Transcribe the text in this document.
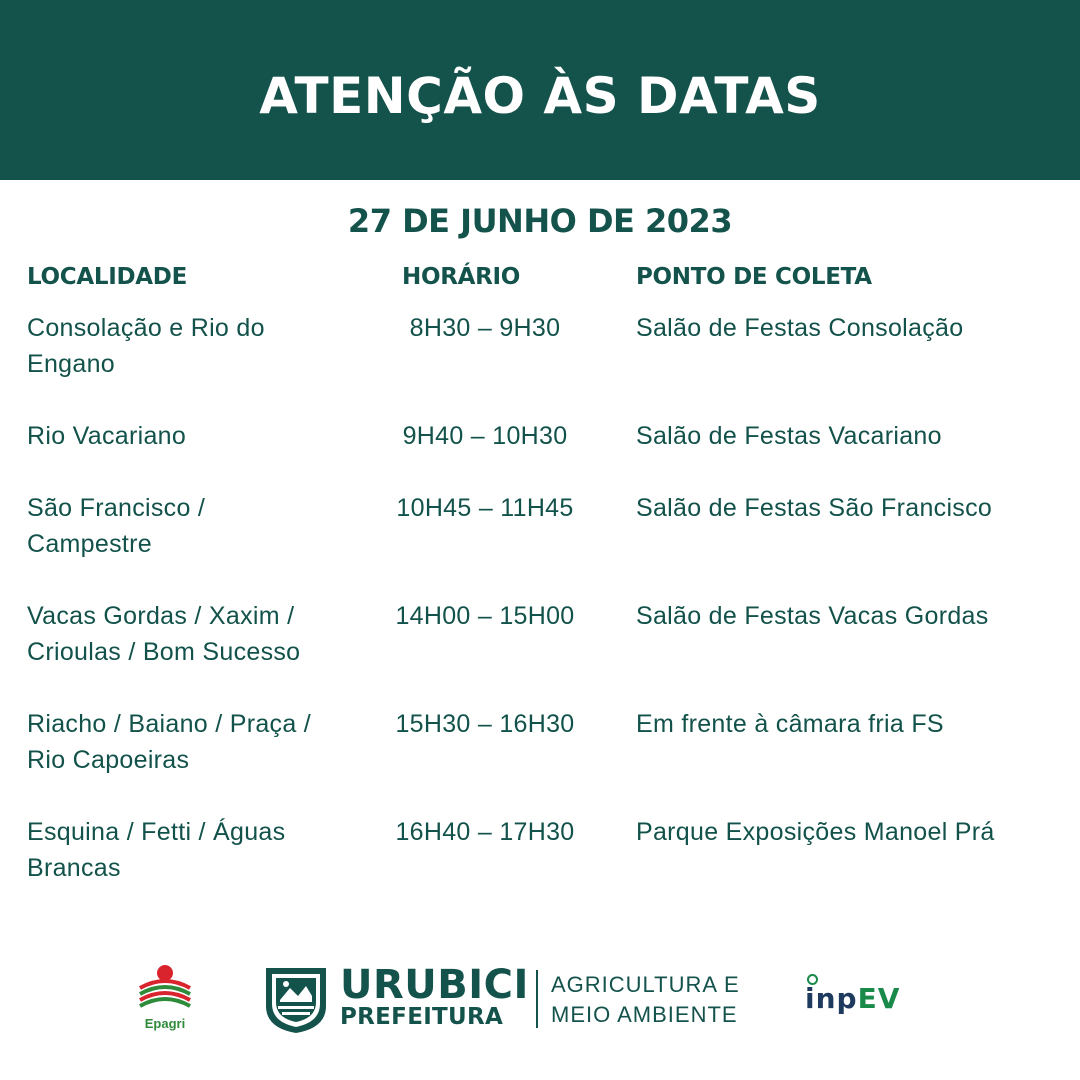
ATENÇÃO ÀS DATAS
27 DE JUNHO DE 2023
LOCALIDADE	HORÁRIO	PONTO DE COLETA
Consolação e Rio do
Engano
8H30 – 9H30	Salão de Festas Consolação
Rio Vacariano	9H40 – 10H30	Salão de Festas Vacariano
São Francisco /
Campestre
10H45 – 11H45	Salão de Festas São Francisco
Vacas Gordas / Xaxim /
Crioulas / Bom Sucesso
14H00 – 15H00	Salão de Festas Vacas Gordas
Riacho / Baiano / Praça /
Rio Capoeiras
15H30 – 16H30	Em frente à câmara fria FS
Esquina / Fetti / Águas
Brancas
16H40 – 17H30	Parque Exposições Manoel Prá
Epagri
URUBICI
PREFEITURA
AGRICULTURA E
MEIO AMBIENTE inpEV
